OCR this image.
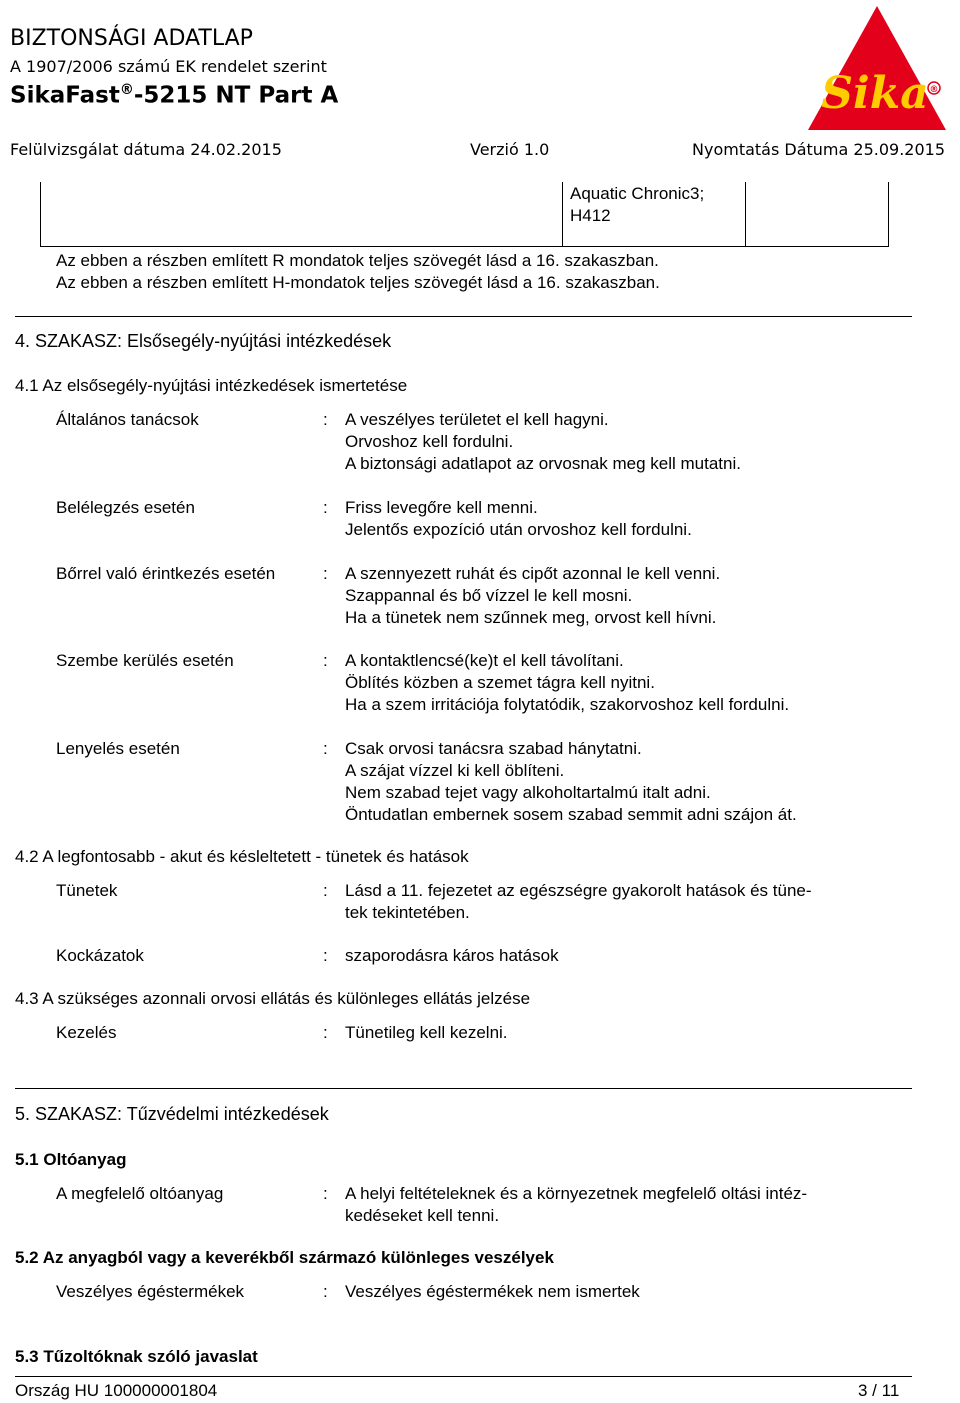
BIZTONSÁGI ADATLAP
A 1907/2006 számú EK rendelet szerint
SikaFast®-5215 NT Part A
Felülvizsgálat dátuma 24.02.2015	Verzió 1.0	Nyomtatás Dátuma 25.09.2015
Sika ®
Aquatic Chronic3;
H412
Az ebben a részben említett R mondatok teljes szövegét lásd a 16. szakaszban.
Az ebben a részben említett H-mondatok teljes szövegét lásd a 16. szakaszban.
4. SZAKASZ: Elsősegély-nyújtási intézkedések
4.1 Az elsősegély-nyújtási intézkedések ismertetése
Általános tanácsok	: A veszélyes területet el kell hagyni.
Orvoshoz kell fordulni.
A biztonsági adatlapot az orvosnak meg kell mutatni.
Belélegzés esetén	: Friss levegőre kell menni.
Jelentős expozíció után orvoshoz kell fordulni.
Bőrrel való érintkezés esetén	: A szennyezett ruhát és cipőt azonnal le kell venni.
Szappannal és bő vízzel le kell mosni.
Ha a tünetek nem szűnnek meg, orvost kell hívni.
Szembe kerülés esetén	: A kontaktlencsé(ke)t el kell távolítani.
Öblítés közben a szemet tágra kell nyitni.
Ha a szem irritációja folytatódik, szakorvoshoz kell fordulni.
Lenyelés esetén	: Csak orvosi tanácsra szabad hánytatni.
A szájat vízzel ki kell öblíteni.
Nem szabad tejet vagy alkoholtartalmú italt adni.
Öntudatlan embernek sosem szabad semmit adni szájon át.
4.2 A legfontosabb - akut és késleltetett - tünetek és hatások
Tünetek	: Lásd a 11. fejezetet az egészségre gyakorolt hatások és tüne-
tek tekintetében.
Kockázatok	: szaporodásra káros hatások
4.3 A szükséges azonnali orvosi ellátás és különleges ellátás jelzése
Kezelés	: Tünetileg kell kezelni.
5. SZAKASZ: Tűzvédelmi intézkedések
5.1 Oltóanyag
A megfelelő oltóanyag	: A helyi feltételeknek és a környezetnek megfelelő oltási intéz-
kedéseket kell tenni.
5.2 Az anyagból vagy a keverékből származó különleges veszélyek
Veszélyes égéstermékek	: Veszélyes égéstermékek nem ismertek
5.3 Tűzoltóknak szóló javaslat
Ország HU 100000001804	3 / 11
